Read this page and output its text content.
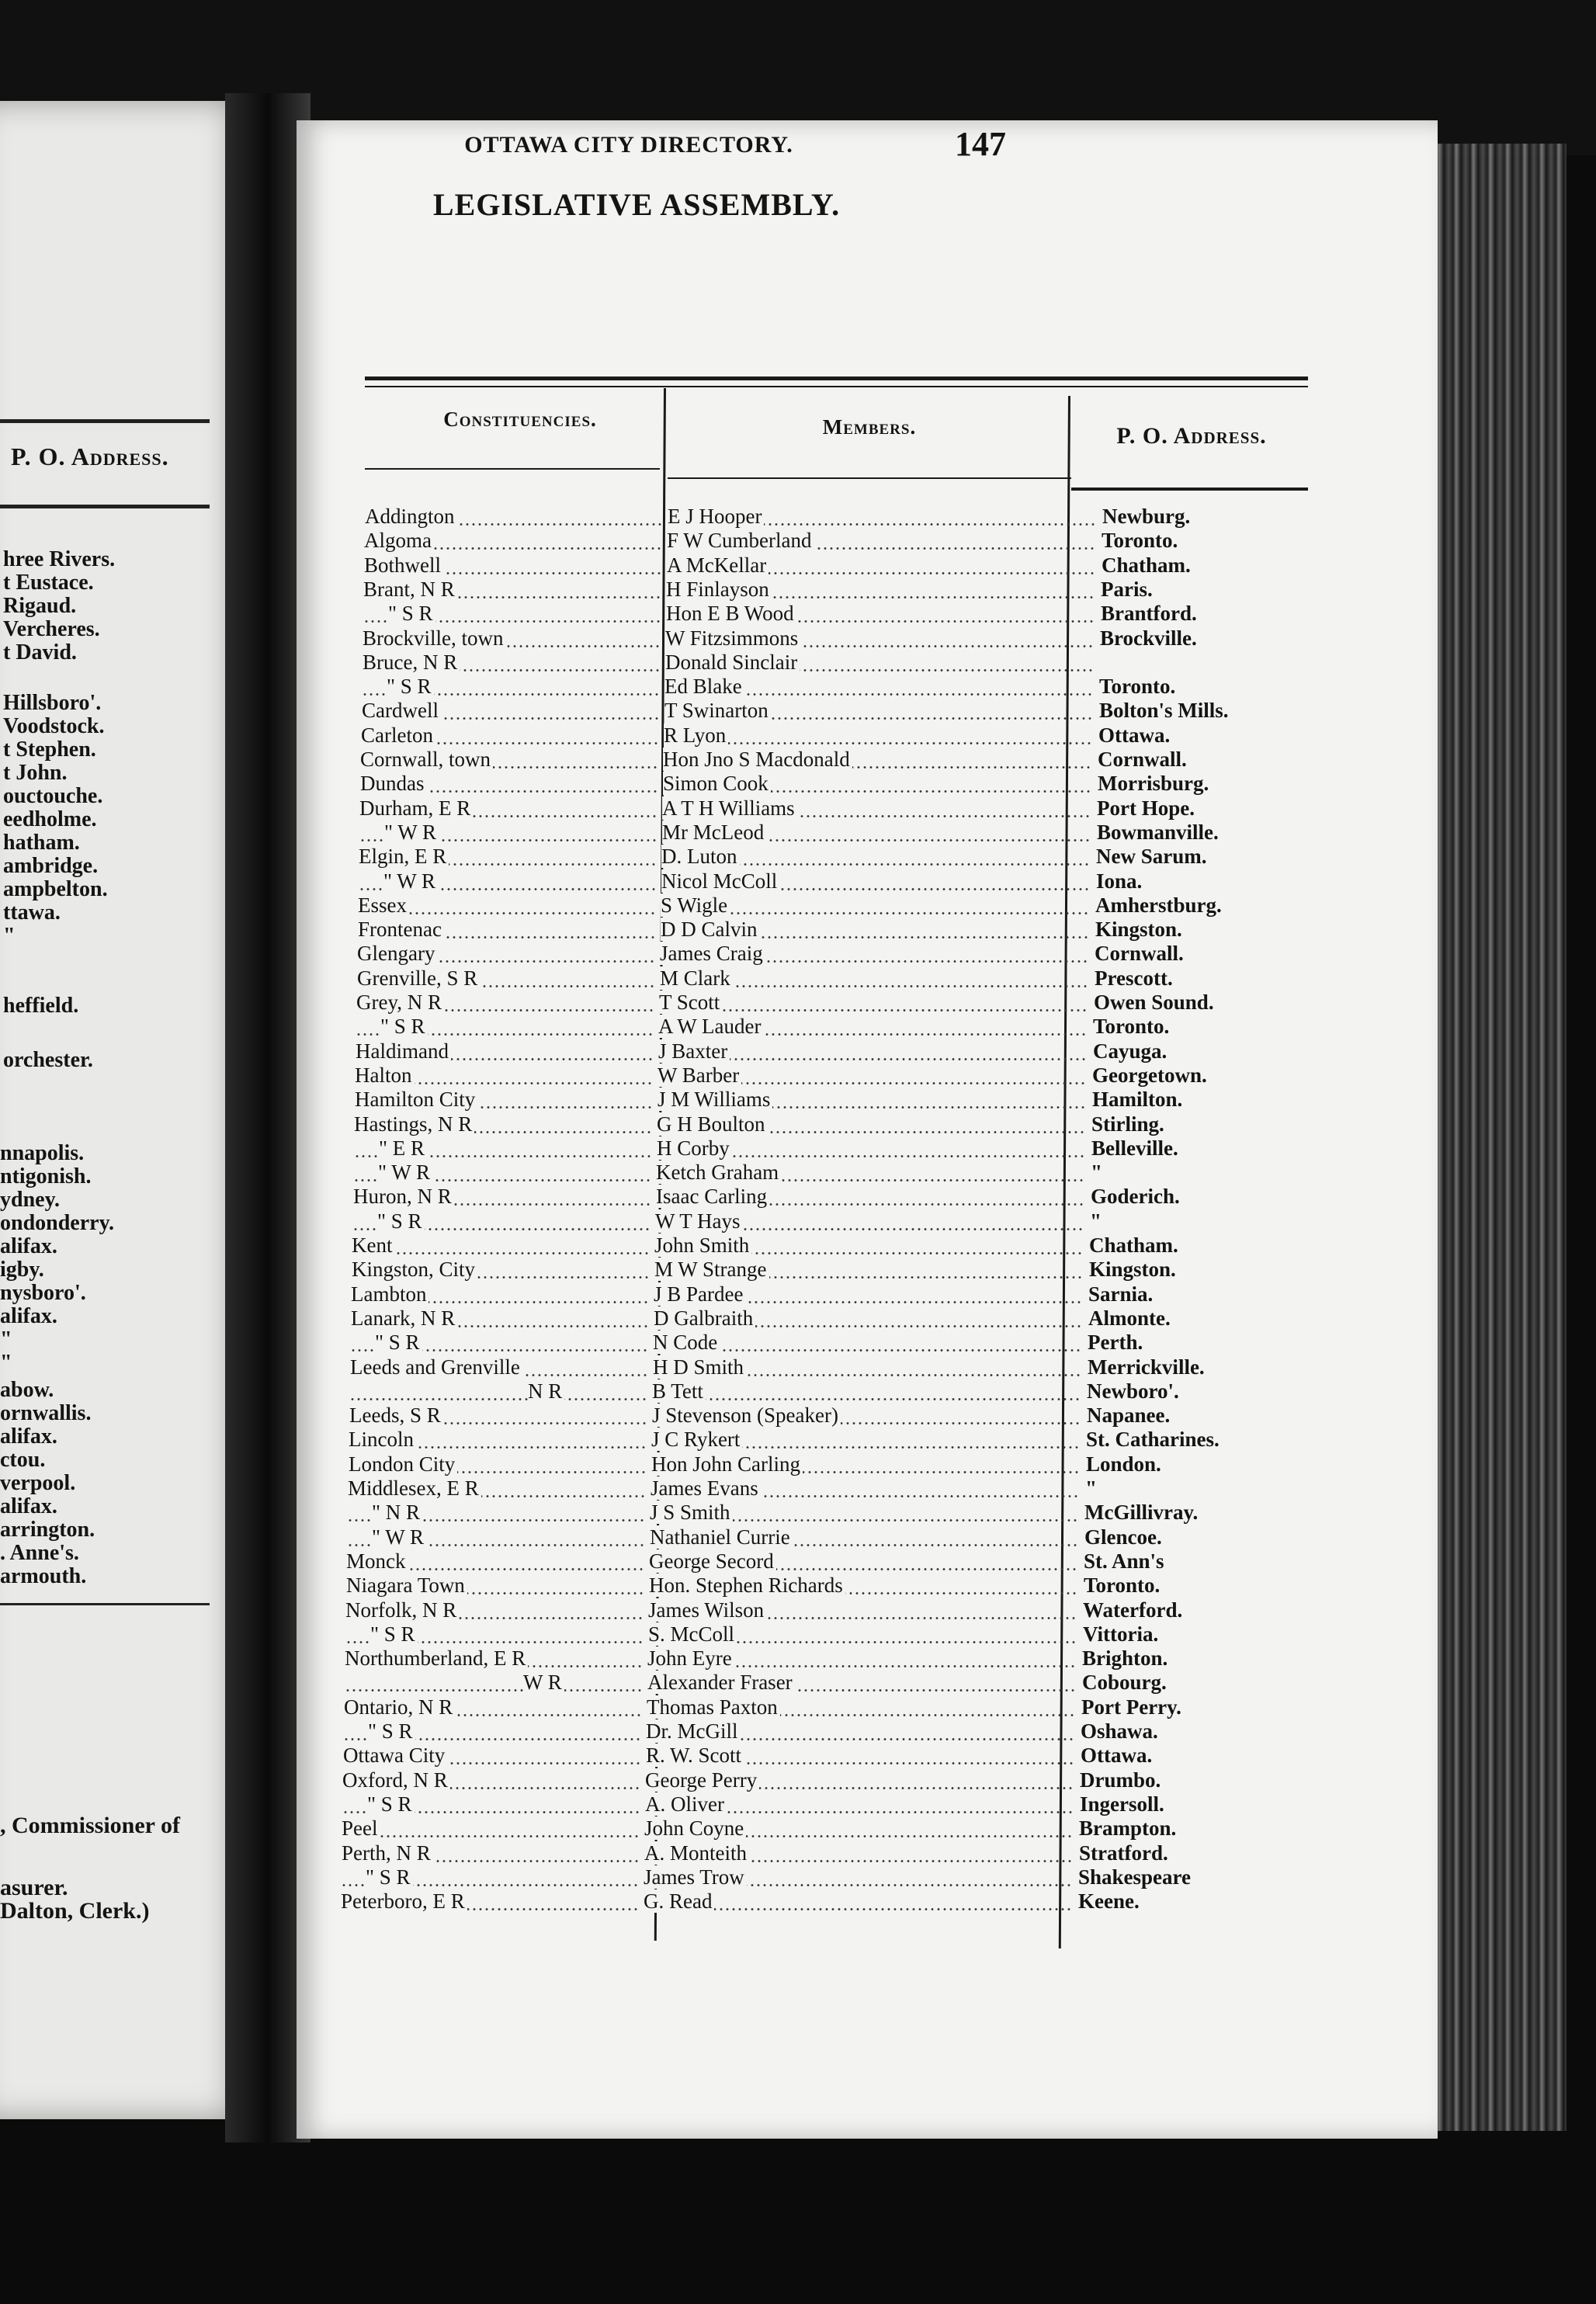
P. O. Address.
hree Rivers.
t Eustace.
Rigaud.
Vercheres.
t David.
Hillsboro'.
Voodstock.
t Stephen.
t John.
ouctouche.
eedholme.
hatham.
ambridge.
ampbelton.
ttawa.
"
heffield.
orchester.
nnapolis.
ntigonish.
ydney.
ondonderry.
alifax.
igby.
nysboro'.
alifax.
"
"
abow.
ornwallis.
alifax.
ctou.
verpool.
alifax.
arrington.
. Anne's.
armouth.
, Commissioner of
asurer.
Dalton, Clerk.)
OTTAWA CITY DIRECTORY.	147
LEGISLATIVE ASSEMBLY.
Constituencies.	Members.	P. O. Address.
Addington	E J Hooper	Newburg.
Algoma	F W Cumberland	Toronto.
Bothwell	A McKellar	Chatham.
Brant, N R	H Finlayson	Paris.
" S R	Hon E B Wood	Brantford.
Brockville, town	W Fitzsimmons	Brockville.
Bruce, N R	Donald Sinclair
" S R	Ed Blake	Toronto.
Cardwell	T Swinarton	Bolton's Mills.
Carleton	R Lyon	Ottawa.
Cornwall, town	Hon Jno S Macdonald	Cornwall.
Dundas	Simon Cook	Morrisburg.
Durham, E R	A T H Williams	Port Hope.
" W R	Mr McLeod	Bowmanville.
Elgin, E R	D. Luton	New Sarum.
" W R	Nicol McColl	Iona.
Essex	S Wigle	Amherstburg.
Frontenac	D D Calvin	Kingston.
Glengary	James Craig	Cornwall.
Grenville, S R	M Clark	Prescott.
Grey, N R	T Scott	Owen Sound.
" S R	A W Lauder	Toronto.
Haldimand	J Baxter	Cayuga.
Halton	W Barber	Georgetown.
Hamilton City	J M Williams	Hamilton.
Hastings, N R	G H Boulton	Stirling.
" E R	H Corby	Belleville.
" W R	Ketch Graham	"
Huron, N R	Isaac Carling	Goderich.
" S R	W T Hays	"
Kent	John Smith	Chatham.
Kingston, City	M W Strange	Kingston.
Lambton	J B Pardee	Sarnia.
Lanark, N R	D Galbraith	Almonte.
" S R	N Code	Perth.
Leeds and Grenville	H D Smith	Merrickville.
N R	B Tett	Newboro'.
Leeds, S R	J Stevenson (Speaker)	Napanee.
Lincoln	J C Rykert	St. Catharines.
London City	Hon John Carling	London.
Middlesex, E R	James Evans	"
" N R	J S Smith	McGillivray.
" W R	Nathaniel Currie	Glencoe.
Monck	George Secord	St. Ann's
Niagara Town	Hon. Stephen Richards	Toronto.
Norfolk, N R	James Wilson	Waterford.
" S R	S. McColl	Vittoria.
Northumberland, E R	John Eyre	Brighton.
W R	Alexander Fraser	Cobourg.
Ontario, N R	Thomas Paxton	Port Perry.
" S R	Dr. McGill	Oshawa.
Ottawa City	R. W. Scott	Ottawa.
Oxford, N R	George Perry	Drumbo.
" S R	A. Oliver	Ingersoll.
Peel	John Coyne	Brampton.
Perth, N R	A. Monteith	Stratford.
" S R	James Trow	Shakespeare
Peterboro, E R	G. Read	Keene.
